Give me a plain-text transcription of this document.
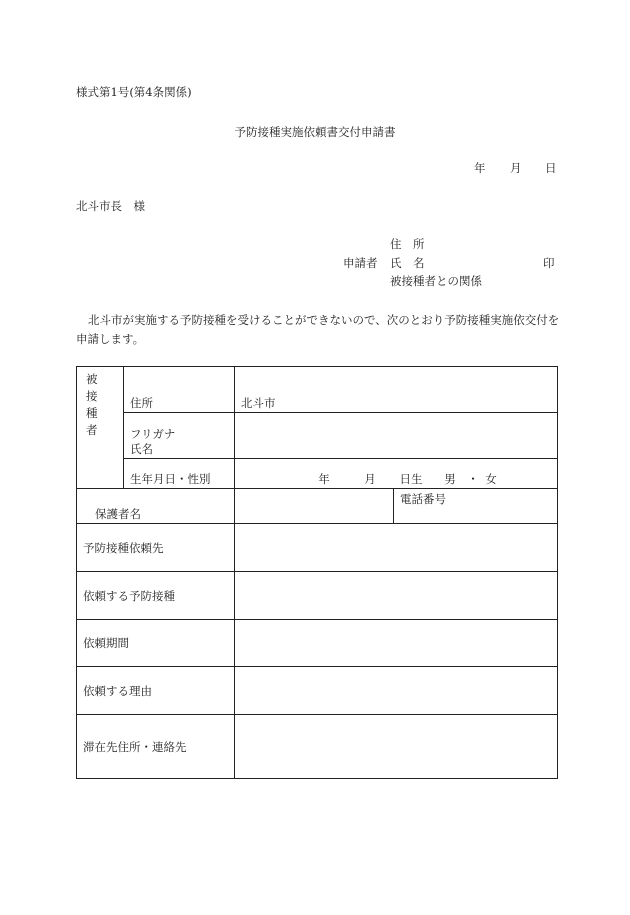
様式第1号(第4条関係)
予防接種実施依頼書交付申請書
年 月 日
北斗市長　様
住　所
申請者 氏　名	印
被接種者との関係
北斗市が実施する予防接種を受けることができないので、次のとおり予防接種実施依交付を申請します。
被接種者	住所	北斗市	

	フリガナ
氏名		

	生年月日・性別	年 月 日生 男 ・ 女	
保護者名			電話番号
予防接種依頼先			
依頼する予防接種			
依頼期間			
依頼する理由			
滞在先住所・連絡先			
